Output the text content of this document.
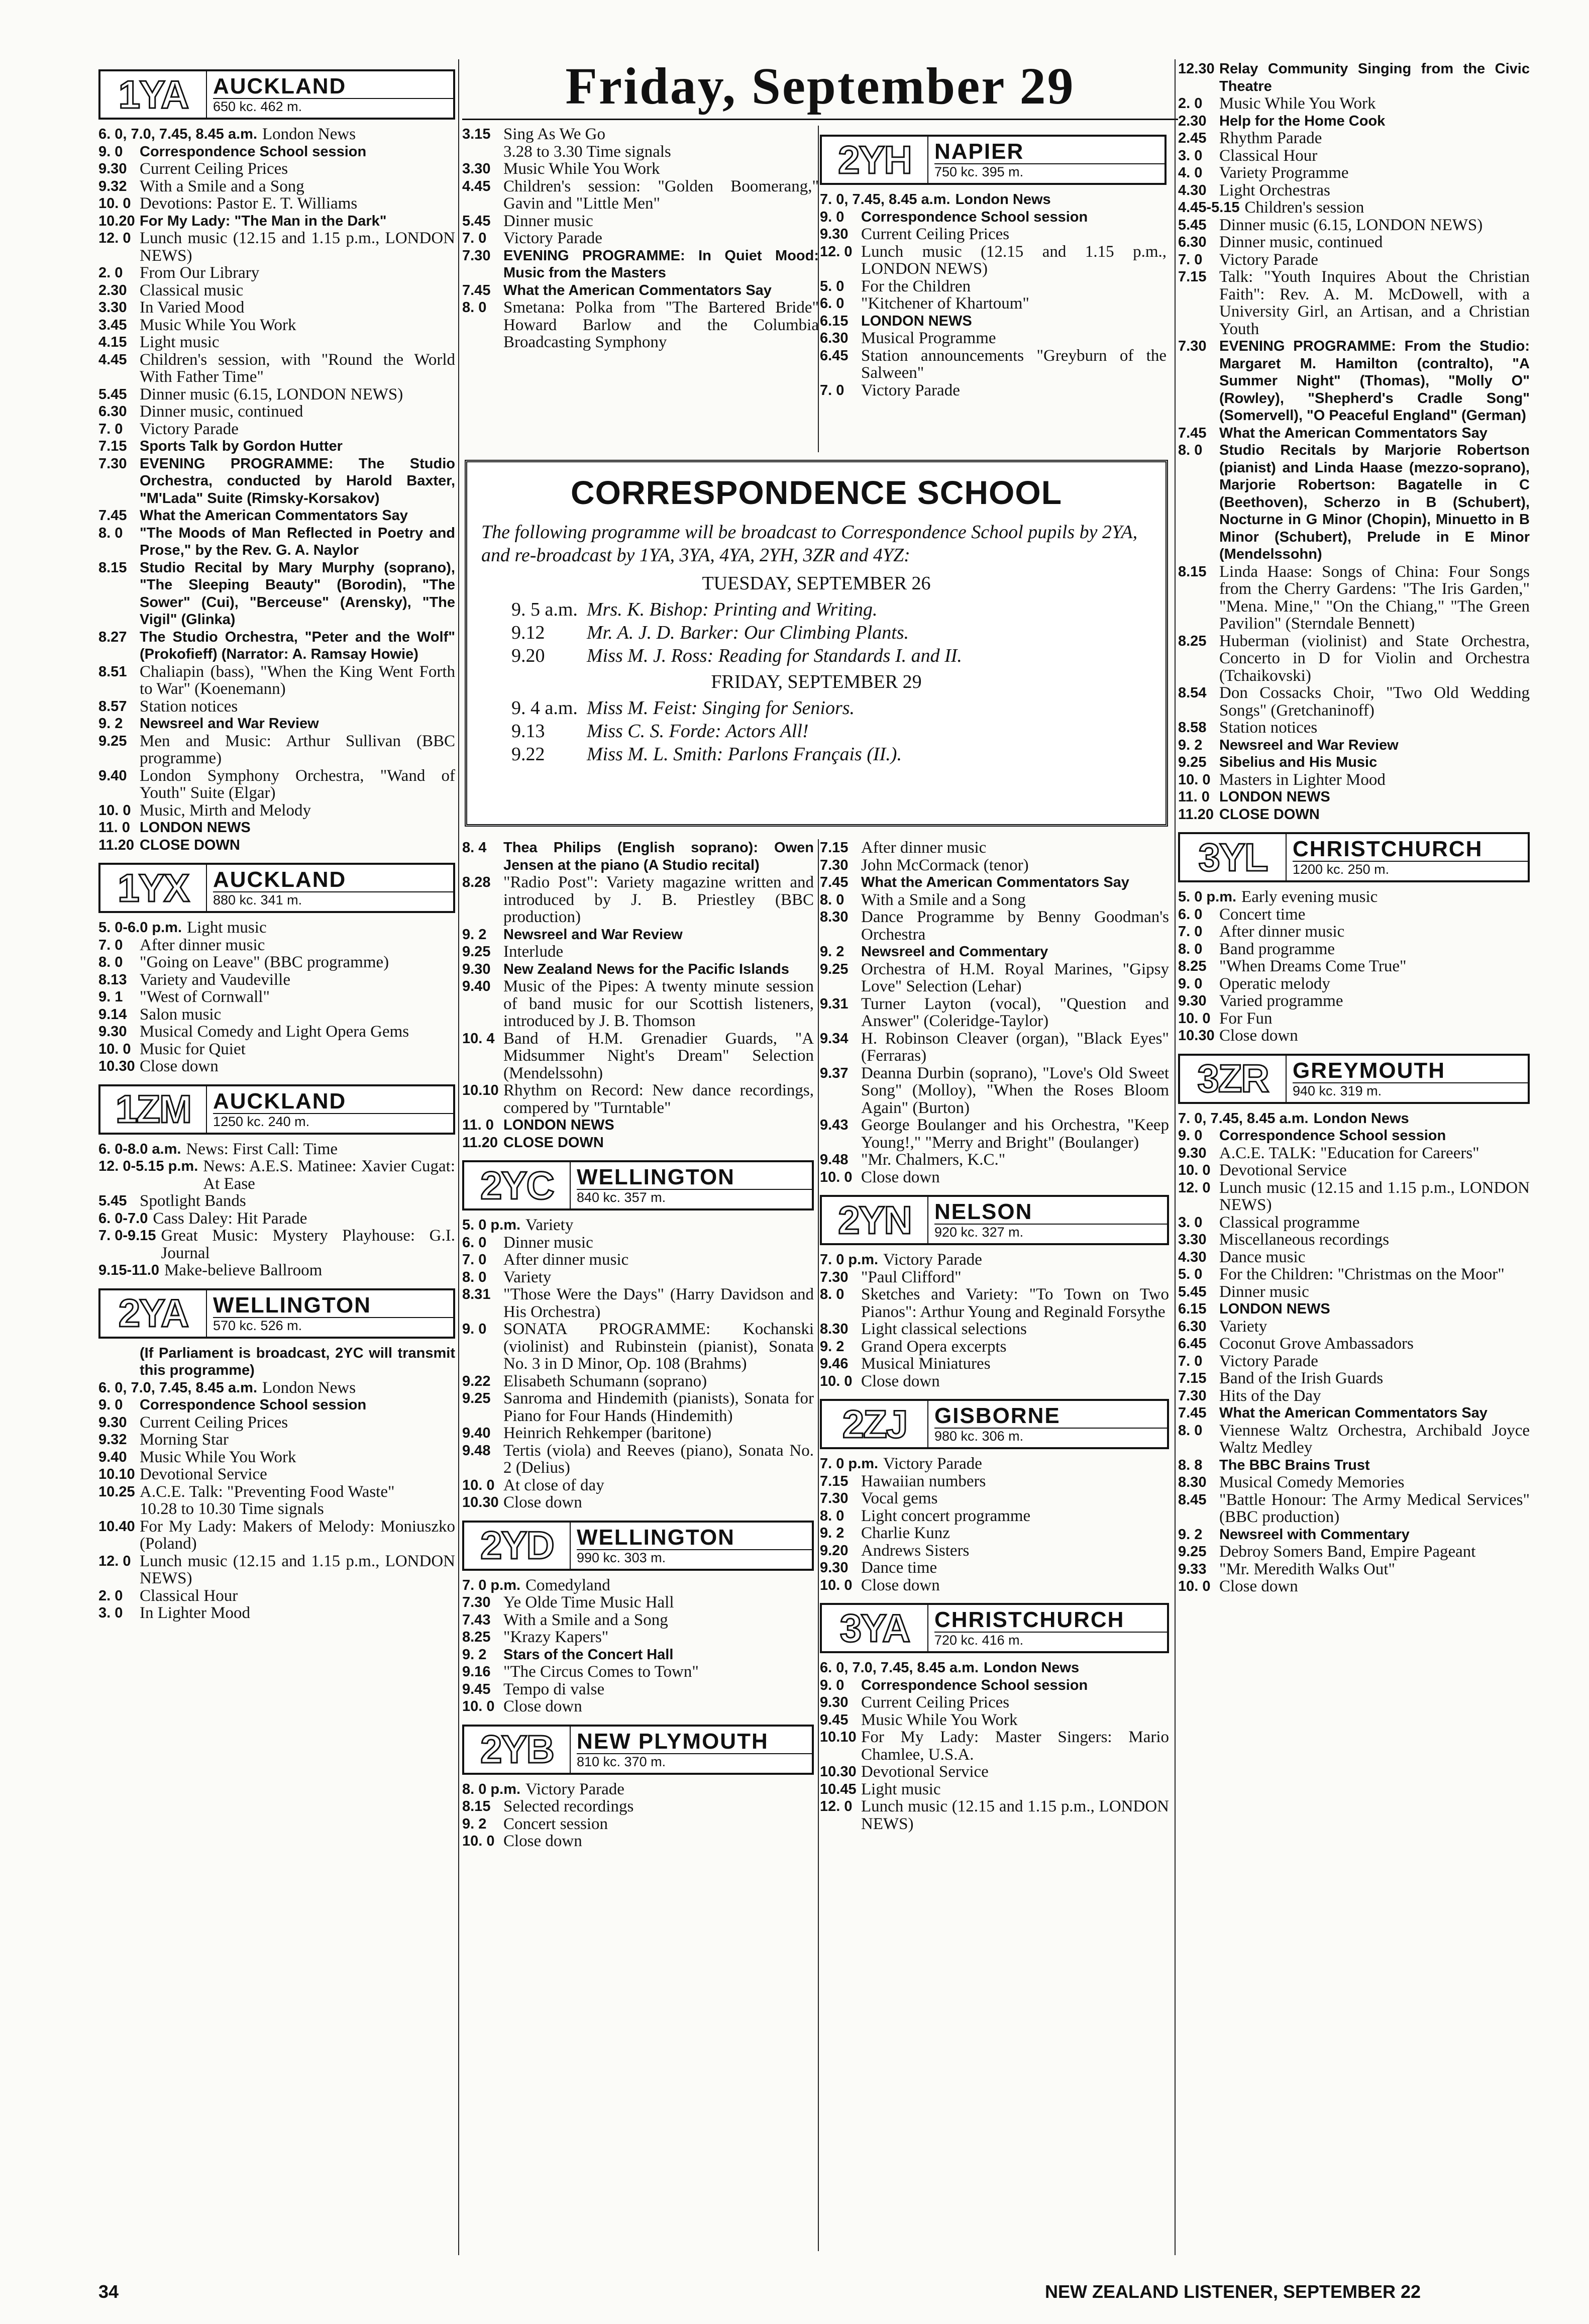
Friday, September 29
1YA	AUCKLAND
650 kc. 462 m.
6. 0, 7.0, 7.45, 8.45 a.m. London News
9. 0	Correspondence School session
9.30 Current Ceiling Prices
9.32 With a Smile and a Song
10. 0 Devotions: Pastor E. T. Williams
10.20 For My Lady: "The Man in the Dark"
12. 0 Lunch music (12.15 and 1.15 p.m., LONDON NEWS)
2. 0	From Our Library
2.30 Classical music
3.30 In Varied Mood
3.45 Music While You Work
4.15 Light music
4.45 Children's session, with "Round the World With Father Time"
5.45 Dinner music (6.15, LONDON NEWS)
6.30 Dinner music, continued
7. 0	Victory Parade
7.15 Sports Talk by Gordon Hutter
7.30 EVENING PROGRAMME: The Studio Orchestra, conducted by Harold Baxter, "M'Lada" Suite (Rimsky-Korsakov)
7.45 What the American Commentators Say
8. 0	"The Moods of Man Reflected in Poetry and Prose," by the Rev. G. A. Naylor
8.15 Studio Recital by Mary Murphy (soprano), "The Sleeping Beauty" (Borodin), "The Sower" (Cui), "Berceuse" (Arensky), "The Vigil" (Glinka)
8.27 The Studio Orchestra, "Peter and the Wolf" (Prokofieff) (Narrator: A. Ramsay Howie)
8.51 Chaliapin (bass), "When the King Went Forth to War" (Koenemann)
8.57 Station notices
9. 2	Newsreel and War Review
9.25 Men and Music: Arthur Sullivan (BBC programme)
9.40 London Symphony Orchestra, "Wand of Youth" Suite (Elgar)
10. 0 Music, Mirth and Melody
11. 0 LONDON NEWS
11.20 CLOSE DOWN
1YX	AUCKLAND
880 kc. 341 m.
5. 0-6.0 p.m. Light music
7. 0	After dinner music
8. 0	"Going on Leave" (BBC programme)
8.13 Variety and Vaudeville
9. 1	"West of Cornwall"
9.14 Salon music
9.30 Musical Comedy and Light Opera Gems
10. 0 Music for Quiet
10.30 Close down
1ZM	AUCKLAND
1250 kc. 240 m.
6. 0-8.0 a.m. News: First Call: Time
12. 0-5.15 p.m. News: A.E.S. Matinee: Xavier Cugat: At Ease
5.45 Spotlight Bands
6. 0-7.0 Cass Daley: Hit Parade
7. 0-9.15 Great Music: Mystery Playhouse: G.I. Journal
9.15-11.0 Make-believe Ballroom
2YA	WELLINGTON
570 kc. 526 m.
(If Parliament is broadcast, 2YC will transmit this programme)
6. 0, 7.0, 7.45, 8.45 a.m. London News
9. 0	Correspondence School session
9.30 Current Ceiling Prices
9.32 Morning Star
9.40 Music While You Work
10.10 Devotional Service
10.25 A.C.E. Talk: "Preventing Food Waste"
10.28 to 10.30 Time signals
10.40 For My Lady: Makers of Melody: Moniuszko (Poland)
12. 0 Lunch music (12.15 and 1.15 p.m., LONDON NEWS)
2. 0	Classical Hour
3. 0	In Lighter Mood
3.15 Sing As We Go
3.28 to 3.30 Time signals
3.30 Music While You Work
4.45 Children's session: "Golden Boomerang," Gavin and "Little Men"
5.45 Dinner music
7. 0	Victory Parade
7.30 EVENING PROGRAMME: In Quiet Mood: Music from the Masters
7.45 What the American Commentators Say
8. 0	Smetana: Polka from "The Bartered Bride" Howard Barlow and the Columbia Broadcasting Symphony
2YH	NAPIER
750 kc. 395 m.
7. 0, 7.45, 8.45 a.m. London News
9. 0	Correspondence School session
9.30 Current Ceiling Prices
12. 0 Lunch music (12.15 and 1.15 p.m., LONDON NEWS)
5. 0	For the Children
6. 0	"Kitchener of Khartoum"
6.15 LONDON NEWS
6.30 Musical Programme
6.45 Station announcements "Greyburn of the Salween"
7. 0	Victory Parade
8. 4	Thea Philips (English soprano): Owen Jensen at the piano (A Studio recital)
8.28 "Radio Post": Variety magazine written and introduced by J. B. Priestley (BBC production)
9. 2	Newsreel and War Review
9.25 Interlude
9.30 New Zealand News for the Pacific Islands
9.40 Music of the Pipes: A twenty minute session of band music for our Scottish listeners, introduced by J. B. Thomson
10. 4 Band of H.M. Grenadier Guards, "A Midsummer Night's Dream" Selection (Mendelssohn)
10.10 Rhythm on Record: New dance recordings, compered by "Turntable"
11. 0 LONDON NEWS
11.20 CLOSE DOWN
2YC	WELLINGTON
840 kc. 357 m.
5. 0 p.m. Variety
6. 0	Dinner music
7. 0	After dinner music
8. 0	Variety
8.31 "Those Were the Days" (Harry Davidson and His Orchestra)
9. 0	SONATA PROGRAMME: Kochanski (violinist) and Rubinstein (pianist), Sonata No. 3 in D Minor, Op. 108 (Brahms)
9.22 Elisabeth Schumann (soprano)
9.25 Sanroma and Hindemith (pianists), Sonata for Piano for Four Hands (Hindemith)
9.40 Heinrich Rehkemper (baritone)
9.48 Tertis (viola) and Reeves (piano), Sonata No. 2 (Delius)
10. 0 At close of day
10.30 Close down
2YD	WELLINGTON
990 kc. 303 m.
7. 0 p.m. Comedyland
7.30 Ye Olde Time Music Hall
7.43 With a Smile and a Song
8.25 "Krazy Kapers"
9. 2	Stars of the Concert Hall
9.16 "The Circus Comes to Town"
9.45 Tempo di valse
10. 0 Close down
2YB	NEW PLYMOUTH
810 kc. 370 m.
8. 0 p.m. Victory Parade
8.15 Selected recordings
9. 2	Concert session
10. 0 Close down
7.15 After dinner music
7.30 John McCormack (tenor)
7.45 What the American Commentators Say
8. 0	With a Smile and a Song
8.30 Dance Programme by Benny Goodman's Orchestra
9. 2	Newsreel and Commentary
9.25 Orchestra of H.M. Royal Marines, "Gipsy Love" Selection (Lehar)
9.31 Turner Layton (vocal), "Question and Answer" (Coleridge-Taylor)
9.34 H. Robinson Cleaver (organ), "Black Eyes" (Ferraras)
9.37 Deanna Durbin (soprano), "Love's Old Sweet Song" (Molloy), "When the Roses Bloom Again" (Burton)
9.43 George Boulanger and his Orchestra, "Keep Young!," "Merry and Bright" (Boulanger)
9.48 "Mr. Chalmers, K.C."
10. 0 Close down
2YN	NELSON
920 kc. 327 m.
7. 0 p.m. Victory Parade
7.30 "Paul Clifford"
8. 0	Sketches and Variety: "To Town on Two Pianos": Arthur Young and Reginald Forsythe
8.30 Light classical selections
9. 2	Grand Opera excerpts
9.46 Musical Miniatures
10. 0 Close down
2ZJ	GISBORNE
980 kc. 306 m.
7. 0 p.m. Victory Parade
7.15 Hawaiian numbers
7.30 Vocal gems
8. 0	Light concert programme
9. 2	Charlie Kunz
9.20 Andrews Sisters
9.30 Dance time
10. 0 Close down
3YA	CHRISTCHURCH
720 kc. 416 m.
6. 0, 7.0, 7.45, 8.45 a.m. London News
9. 0	Correspondence School session
9.30 Current Ceiling Prices
9.45 Music While You Work
10.10 For My Lady: Master Singers: Mario Chamlee, U.S.A.
10.30 Devotional Service
10.45 Light music
12. 0 Lunch music (12.15 and 1.15 p.m., LONDON NEWS)
12.30 Relay Community Singing from the Civic Theatre
2. 0	Music While You Work
2.30 Help for the Home Cook
2.45 Rhythm Parade
3. 0	Classical Hour
4. 0	Variety Programme
4.30 Light Orchestras
4.45-5.15 Children's session
5.45 Dinner music (6.15, LONDON NEWS)
6.30 Dinner music, continued
7. 0	Victory Parade
7.15 Talk: "Youth Inquires About the Christian Faith": Rev. A. M. McDowell, with a University Girl, an Artisan, and a Christian Youth
7.30 EVENING PROGRAMME: From the Studio: Margaret M. Hamilton (contralto), "A Summer Night" (Thomas), "Molly O" (Rowley), "Shepherd's Cradle Song" (Somervell), "O Peaceful England" (German)
7.45 What the American Commentators Say
8. 0	Studio Recitals by Marjorie Robertson (pianist) and Linda Haase (mezzo-soprano), Marjorie Robertson: Bagatelle in C (Beethoven), Scherzo in B (Schubert), Nocturne in G Minor (Chopin), Minuetto in B Minor (Schubert), Prelude in E Minor (Mendelssohn)
8.15 Linda Haase: Songs of China: Four Songs from the Cherry Gardens: "The Iris Garden," "Mena. Mine," "On the Chiang," "The Green Pavilion" (Sterndale Bennett)
8.25 Huberman (violinist) and State Orchestra, Concerto in D for Violin and Orchestra (Tchaikovski)
8.54 Don Cossacks Choir, "Two Old Wedding Songs" (Gretchaninoff)
8.58 Station notices
9. 2	Newsreel and War Review
9.25 Sibelius and His Music
10. 0 Masters in Lighter Mood
11. 0 LONDON NEWS
11.20 CLOSE DOWN
3YL	CHRISTCHURCH
1200 kc. 250 m.
5. 0 p.m. Early evening music
6. 0	Concert time
7. 0	After dinner music
8. 0	Band programme
8.25 "When Dreams Come True"
9. 0	Operatic melody
9.30 Varied programme
10. 0 For Fun
10.30 Close down
3ZR	GREYMOUTH
940 kc. 319 m.
7. 0, 7.45, 8.45 a.m. London News
9. 0	Correspondence School session
9.30 A.C.E. TALK: "Education for Careers"
10. 0 Devotional Service
12. 0 Lunch music (12.15 and 1.15 p.m., LONDON NEWS)
3. 0	Classical programme
3.30 Miscellaneous recordings
4.30 Dance music
5. 0	For the Children: "Christmas on the Moor"
5.45 Dinner music
6.15 LONDON NEWS
6.30 Variety
6.45 Coconut Grove Ambassadors
7. 0	Victory Parade
7.15 Band of the Irish Guards
7.30 Hits of the Day
7.45 What the American Commentators Say
8. 0	Viennese Waltz Orchestra, Archibald Joyce Waltz Medley
8. 8	The BBC Brains Trust
8.30 Musical Comedy Memories
8.45 "Battle Honour: The Army Medical Services" (BBC production)
9. 2	Newsreel with Commentary
9.25 Debroy Somers Band, Empire Pageant
9.33 "Mr. Meredith Walks Out"
10. 0 Close down
CORRESPONDENCE SCHOOL

The following programme will be broadcast to Correspondence School pupils by 2YA, and re-broadcast by 1YA, 3YA, 4YA, 2YH, 3ZR and 4YZ:

TUESDAY, SEPTEMBER 26
9. 5 a.m. Mrs. K. Bishop: Printing and Writing.
9.12	Mr. A. J. D. Barker: Our Climbing Plants.
9.20	Miss M. J. Ross: Reading for Standards I. and II.
FRIDAY, SEPTEMBER 29
9. 4 a.m. Miss M. Feist: Singing for Seniors.
9.13	Miss C. S. Forde: Actors All!
9.22	Miss M. L. Smith: Parlons Français (II.).
34	NEW ZEALAND LISTENER, SEPTEMBER 22
